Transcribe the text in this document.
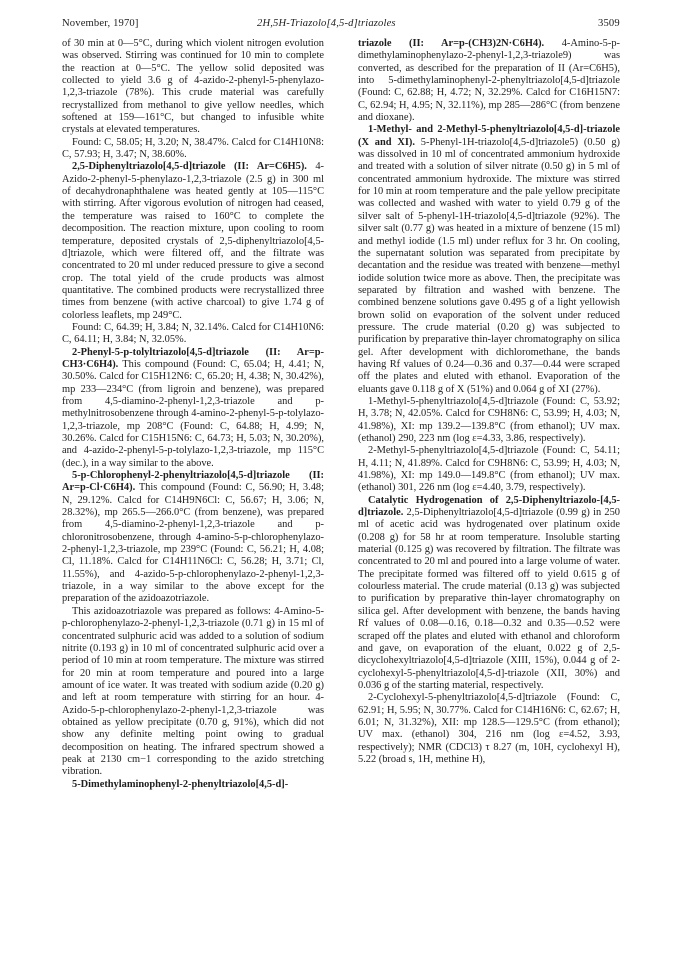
November, 1970]	2H,5H-Triazolo[4,5-d]triazoles	3509

of 30 min at 0—5°C, during which violent nitrogen evolution was observed. Stirring was continued for 10 min to complete the reaction at 0—5°C. The yellow solid deposited was collected to yield 3.6 g of 4-azido-2-phenyl-5-phenylazo-1,2,3-triazole (78%). This crude material was carefully recrystallized from methanol to give yellow needles, which softened at 159—161°C, but changed to infusible white crystals at elevated temperatures.

Found: C, 58.05; H, 3.20; N, 38.47%. Calcd for C14H10N8: C, 57.93; H, 3.47; N, 38.60%.

2,5-Diphenyltriazolo[4,5-d]triazole (II: Ar=C6H5). 4-Azido-2-phenyl-5-phenylazo-1,2,3-triazole (2.5 g) in 300 ml of decahydronaphthalene was heated gently at 105—115°C with stirring. After vigorous evolution of nitrogen had ceased, the temperature was raised to 160°C to complete the decomposition. The reaction mixture, upon cooling to room temperature, deposited crystals of 2,5-diphenyltriazolo[4,5-d]triazole, which were filtered off, and the filtrate was concentrated to 20 ml under reduced pressure to give a second crop. The total yield of the crude products was almost quantitative. The combined products were recrystallized three times from benzene (with active charcoal) to give 1.74 g of colorless leaflets, mp 249°C.

Found: C, 64.39; H, 3.84; N, 32.14%. Calcd for C14H10N6: C, 64.11; H, 3.84; N, 32.05%.

2-Phenyl-5-p-tolyltriazolo[4,5-d]triazole (II: Ar=p-CH3·C6H4). This compound (Found: C, 65.04; H, 4.41; N, 30.50%. Calcd for C15H12N6: C, 65.20; H, 4.38; N, 30.42%), mp 233—234°C (from ligroin and benzene), was prepared from 4,5-diamino-2-phenyl-1,2,3-triazole and p-methylnitrosobenzene through 4-amino-2-phenyl-5-p-tolylazo-1,2,3-triazole, mp 208°C (Found: C, 64.88; H, 4.99; N, 30.26%. Calcd for C15H15N6: C, 64.73; H, 5.03; N, 30.20%), and 4-azido-2-phenyl-5-p-tolylazo-1,2,3-triazole, mp 115°C (dec.), in a way similar to the above.

5-p-Chlorophenyl-2-phenyltriazolo[4,5-d]triazole (II: Ar=p-Cl·C6H4). This compound (Found: C, 56.90; H, 3.48; N, 29.12%. Calcd for C14H9N6Cl: C, 56.67; H, 3.06; N, 28.32%), mp 265.5—266.0°C (from benzene), was prepared from 4,5-diamino-2-phenyl-1,2,3-triazole and p-chloronitrosobenzene, through 4-amino-5-p-chlorophenylazo-2-phenyl-1,2,3-triazole, mp 239°C (Found: C, 56.21; H, 4.08; Cl, 11.18%. Calcd for C14H11N6Cl: C, 56.28; H, 3.71; Cl, 11.55%), and 4-azido-5-p-chlorophenylazo-2-phenyl-1,2,3-triazole, in a way similar to the above except for the preparation of the azidoazotriazole.

This azidoazotriazole was prepared as follows: 4-Amino-5-p-chlorophenylazo-2-phenyl-1,2,3-triazole (0.71 g) in 15 ml of concentrated sulphuric acid was added to a solution of sodium nitrite (0.193 g) in 10 ml of concentrated sulphuric acid over a period of 10 min at room temperature. The mixture was stirred for 20 min at room temperature and poured into a large amount of ice water. It was treated with sodium azide (0.20 g) and left at room temperature with stirring for an hour. 4-Azido-5-p-chlorophenylazo-2-phenyl-1,2,3-triazole was obtained as yellow precipitate (0.70 g, 91%), which did not show any definite melting point owing to gradual decomposition on heating. The infrared spectrum showed a peak at 2130 cm−1 corresponding to the azido stretching vibration.

5-Dimethylaminophenyl-2-phenyltriazolo[4,5-d]-

triazole (II: Ar=p-(CH3)2N·C6H4). 4-Amino-5-p-dimethylaminophenylazo-2-phenyl-1,2,3-triazole9) was converted, as described for the preparation of II (Ar=C6H5), into 5-dimethylaminophenyl-2-phenyltriazolo[4,5-d]triazole (Found: C, 62.88; H, 4.72; N, 32.29%. Calcd for C16H15N7: C, 62.94; H, 4.95; N, 32.11%), mp 285—286°C (from benzene and dioxane).

1-Methyl- and 2-Methyl-5-phenyltriazolo[4,5-d]-triazole (X and XI). 5-Phenyl-1H-triazolo[4,5-d]triazole5) (0.50 g) was dissolved in 10 ml of concentrated ammonium hydroxide and treated with a solution of silver nitrate (0.50 g) in 5 ml of concentrated ammonium hydroxide. The mixture was stirred for 10 min at room temperature and the pale yellow precipitate was collected and washed with water to yield 0.79 g of the silver salt of 5-phenyl-1H-triazolo[4,5-d]triazole (92%). The silver salt (0.77 g) was heated in a mixture of benzene (15 ml) and methyl iodide (1.5 ml) under reflux for 3 hr. On cooling, the supernatant solution was separated from precipitate by decantation and the residue was treated with benzene—methyl iodide solution twice more as above. Then, the precipitate was separated by filtration and washed with benzene. The combined benzene solutions gave 0.495 g of a light yellowish brown solid on evaporation of the solvent under reduced pressure. The crude material (0.20 g) was subjected to purification by preparative thin-layer chromatography on silica gel. After development with dichloromethane, the bands having Rf values of 0.24—0.36 and 0.37—0.44 were scraped off the plates and eluted with ethanol. Evaporation of the eluants gave 0.118 g of X (51%) and 0.064 g of XI (27%).

1-Methyl-5-phenyltriazolo[4,5-d]triazole (Found: C, 53.92; H, 3.78; N, 42.05%. Calcd for C9H8N6: C, 53.99; H, 4.03; N, 41.98%), XI: mp 139.2—139.8°C (from ethanol); UV max. (ethanol) 290, 223 nm (log ε=4.33, 3.86, respectively).

2-Methyl-5-phenyltriazolo[4,5-d]triazole (Found: C, 54.11; H, 4.11; N, 41.89%. Calcd for C9H8N6: C, 53.99; H, 4.03; N, 41.98%), XI: mp 149.0—149.8°C (from ethanol); UV max. (ethanol) 301, 226 nm (log ε=4.40, 3.79, respectively).

Catalytic Hydrogenation of 2,5-Diphenyltriazolo-[4,5-d]triazole. 2,5-Diphenyltriazolo[4,5-d]triazole (0.99 g) in 250 ml of acetic acid was hydrogenated over platinum oxide (0.208 g) for 58 hr at room temperature. Insoluble starting material (0.125 g) was recovered by filtration. The filtrate was concentrated to 20 ml and poured into a large volume of water. The precipitate formed was filtered off to yield 0.615 g of colourless material. The crude material (0.13 g) was subjected to purification by preparative thin-layer chromatography on silica gel. After development with benzene, the bands having Rf values of 0.08—0.16, 0.18—0.32 and 0.35—0.52 were scraped off the plates and eluted with ethanol and chloroform and gave, on evaporation of the eluant, 0.022 g of 2,5-dicyclohexyltriazolo[4,5-d]triazole (XIII, 15%), 0.044 g of 2-cyclohexyl-5-phenyltriazolo[4,5-d]-triazole (XII, 30%) and 0.036 g of the starting material, respectively.

2-Cyclohexyl-5-phenyltriazolo[4,5-d]triazole (Found: C, 62.91; H, 5.95; N, 30.77%. Calcd for C14H16N6: C, 62.67; H, 6.01; N, 31.32%), XII: mp 128.5—129.5°C (from ethanol); UV max. (ethanol) 304, 216 nm (log ε=4.52, 3.93, respectively); NMR (CDCl3) τ 8.27 (m, 10H, cyclohexyl H), 5.22 (broad s, 1H, methine H),
